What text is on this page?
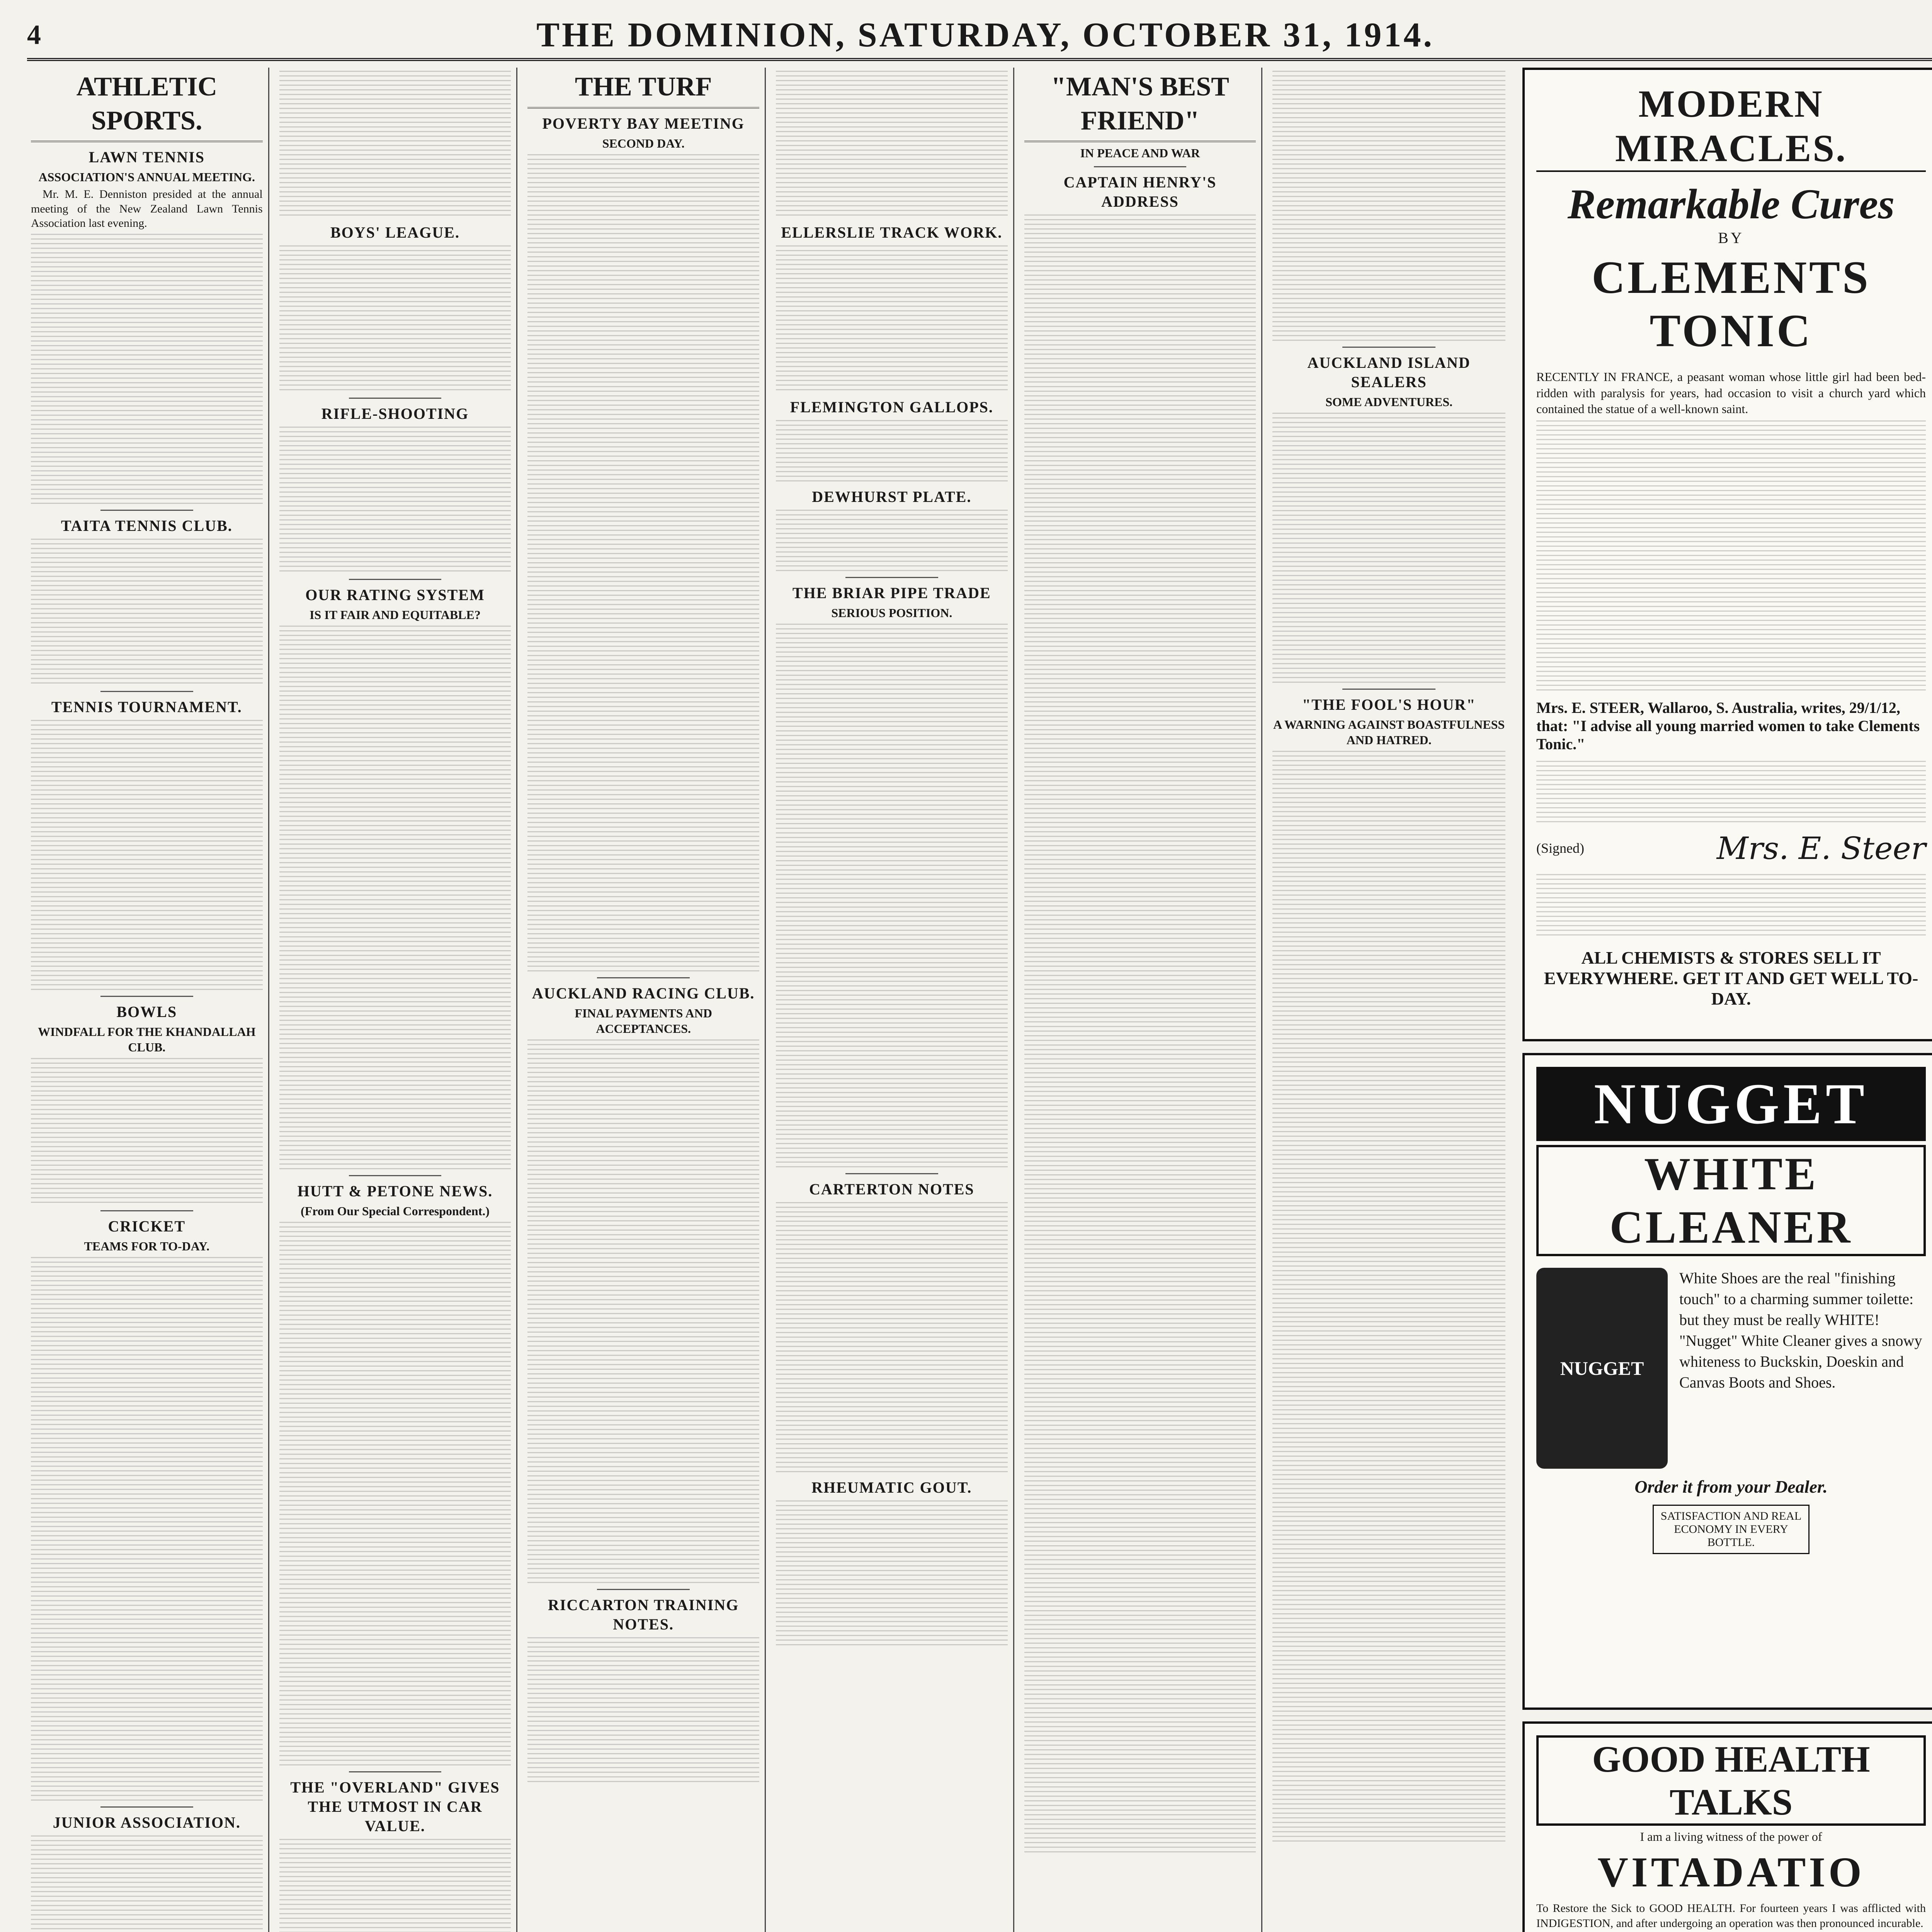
4	THE DOMINION, SATURDAY, OCTOBER 31, 1914.
ATHLETIC SPORTS.
LAWN TENNIS
ASSOCIATION'S ANNUAL MEETING.
Mr. M. E. Denniston presided at the annual meeting of the New Zealand Lawn Tennis Association last evening.
TAITA TENNIS CLUB.
TENNIS TOURNAMENT.
BOWLS
WINDFALL FOR THE KHANDALLAH CLUB.
CRICKET
TEAMS FOR TO-DAY.
JUNIOR ASSOCIATION.
BOYS' LEAGUE.
RIFLE-SHOOTING
OUR RATING SYSTEM
IS IT FAIR AND EQUITABLE?
HUTT & PETONE NEWS.
(From Our Special Correspondent.)
THE "OVERLAND" GIVES THE UTMOST IN CAR VALUE.
THE TURF
POVERTY BAY MEETING
SECOND DAY.
AUCKLAND RACING CLUB.
FINAL PAYMENTS AND ACCEPTANCES.
RICCARTON TRAINING NOTES.
ELLERSLIE TRACK WORK.
FLEMINGTON GALLOPS.
DEWHURST PLATE.
THE BRIAR PIPE TRADE
SERIOUS POSITION.
CARTERTON NOTES
RHEUMATIC GOUT.
"MAN'S BEST FRIEND"
IN PEACE AND WAR
CAPTAIN HENRY'S ADDRESS
AUCKLAND ISLAND SEALERS
SOME ADVENTURES.
"THE FOOL'S HOUR"
A WARNING AGAINST BOASTFULNESS AND HATRED.
MODERN MIRACLES.
Remarkable Cures
BY
CLEMENTS TONIC
RECENTLY IN FRANCE, a peasant woman whose little girl had been bed-ridden with paralysis for years, had occasion to visit a church yard which contained the statue of a well-known saint.
Mrs. E. STEER, Wallaroo, S. Australia, writes, 29/1/12, that: "I advise all young married women to take Clements Tonic."
(Signed)	Mrs. E. Steer
ALL CHEMISTS & STORES SELL IT EVERYWHERE. GET IT AND GET WELL TO-DAY.
NUGGET
WHITE CLEANER
NUGGET
White Shoes are the real "finishing touch" to a charming summer toilette: but they must be really WHITE! "Nugget" White Cleaner gives a snowy whiteness to Buckskin, Doeskin and Canvas Boots and Shoes.
Order it from your Dealer.
SATISFACTION AND REAL ECONOMY IN EVERY BOTTLE.
GOOD HEALTH TALKS
I am a living witness of the power of
VITADATIO
To Restore the Sick to GOOD HEALTH. For fourteen years I was afflicted with INDIGESTION, and after undergoing an operation was then pronounced incurable.
